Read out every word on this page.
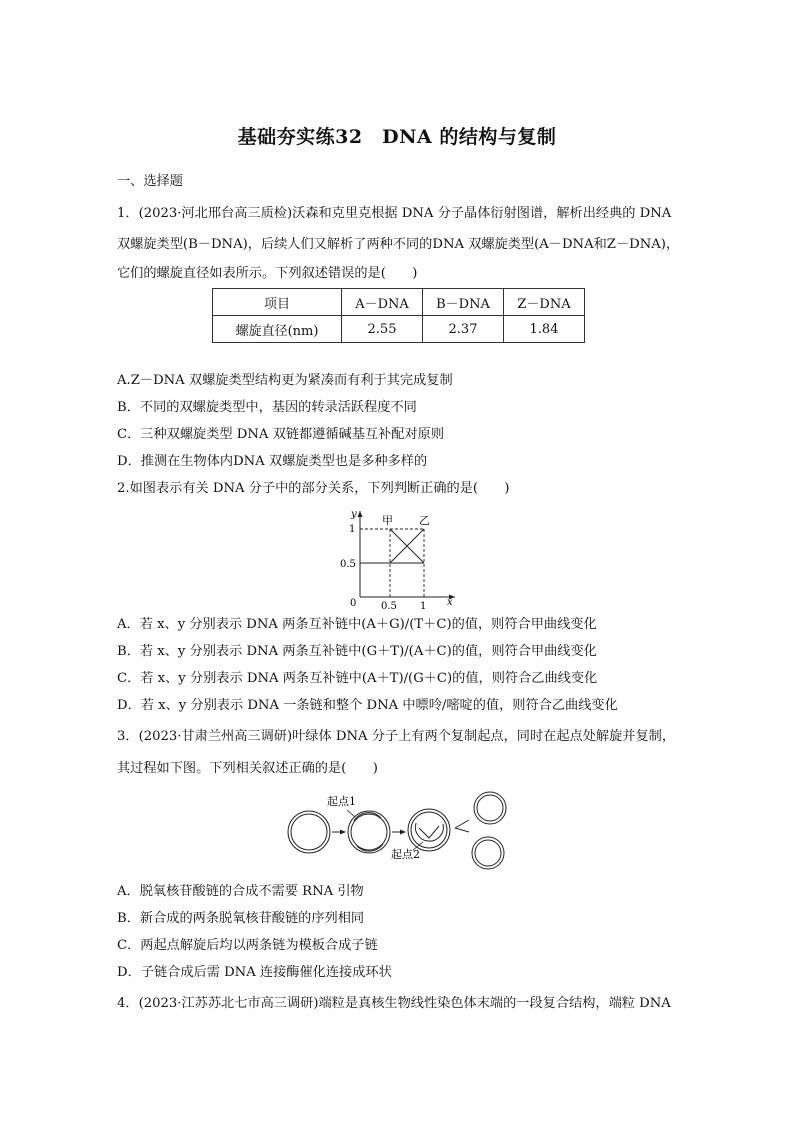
基础夯实练32　DNA 的结构与复制
一、选择题
1．(2023·河北邢台高三质检)沃森和克里克根据 DNA 分子晶体衍射图谱，解析出经典的 DNA
双螺旋类型(B－DNA)，后续人们又解析了两种不同的DNA 双螺旋类型(A－DNA和Z－DNA)，
它们的螺旋直径如表所示。下列叙述错误的是(　　)
项目	A－DNA	B－DNA	Z－DNA
螺旋直径(nm)	2.55	2.37	1.84
A.Z－DNA 双螺旋类型结构更为紧凑而有利于其完成复制
B．不同的双螺旋类型中，基因的转录活跃程度不同
C．三种双螺旋类型 DNA 双链都遵循碱基互补配对原则
D．推测在生物体内DNA 双螺旋类型也是多种多样的
2.如图表示有关 DNA 分子中的部分关系，下列判断正确的是(　　)
y
x
1
0.5
0 0.5 1
甲 乙
A．若 x、y 分别表示 DNA 两条互补链中(A＋G)/(T＋C)的值，则符合甲曲线变化
B．若 x、y 分别表示 DNA 两条互补链中(G＋T)/(A＋C)的值，则符合甲曲线变化
C．若 x、y 分别表示 DNA 两条互补链中(A＋T)/(G＋C)的值，则符合乙曲线变化
D．若 x、y 分别表示 DNA 一条链和整个 DNA 中嘌呤/嘧啶的值，则符合乙曲线变化
3．(2023·甘肃兰州高三调研)叶绿体 DNA 分子上有两个复制起点，同时在起点处解旋并复制，
其过程如下图。下列相关叙述正确的是(　　)
起点1
起点2
A．脱氧核苷酸链的合成不需要 RNA 引物
B．新合成的两条脱氧核苷酸链的序列相同
C．两起点解旋后均以两条链为模板合成子链
D．子链合成后需 DNA 连接酶催化连接成环状
4．(2023·江苏苏北七市高三调研)端粒是真核生物线性染色体末端的一段复合结构，端粒 DNA
